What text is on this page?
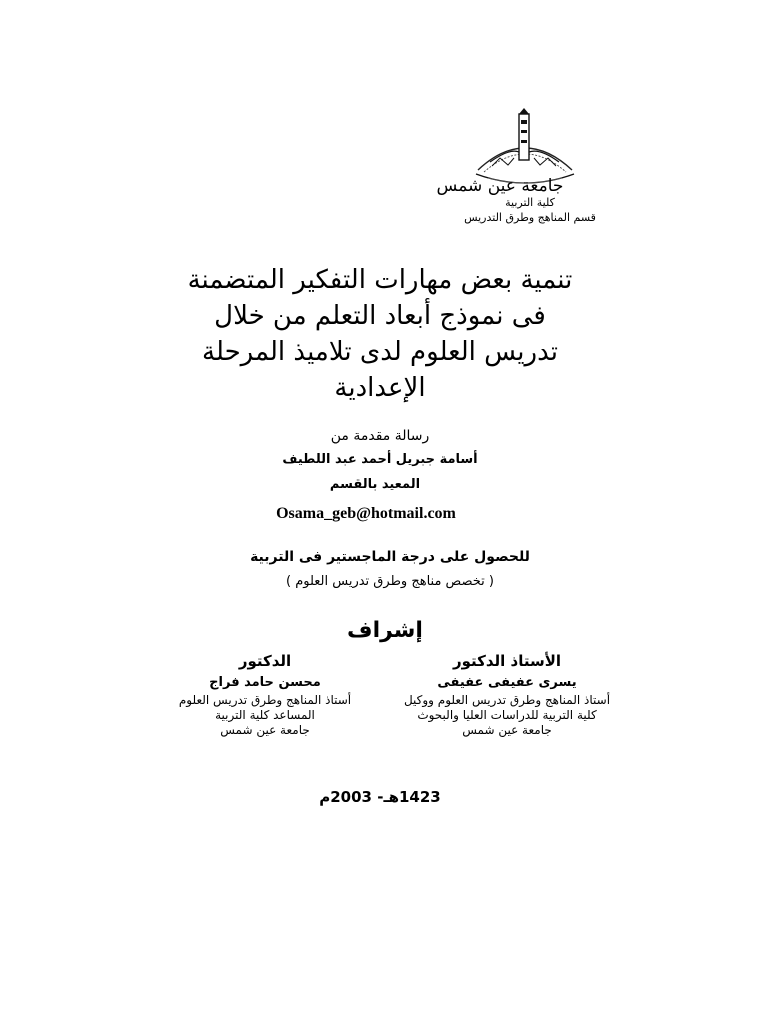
جامعة عين شمس
كلية التربية
قسم المناهج وطرق التدريس
تنمية بعض مهارات التفكير المتضمنة
فى نموذج أبعاد التعلم من خلال
تدريس العلوم لدى تلاميذ المرحلة
الإعدادية
رسالة مقدمة من
أسامة جبريل أحمد عبد اللطيف
المعيد بالقسم
Osama_geb@hotmail.com
للحصول على درجة الماجستير فى التربية
( تخصص مناهج وطرق تدريس العلوم )
إشراف
الأستاذ الدكتور
يسرى عفيفى عفيفى
أستاذ المناهج وطرق تدريس العلوم ووكيل
كلية التربية للدراسات العليا والبحوث
جامعة عين شمس
الدكتور
محسن حامد فراج
أستاذ المناهج وطرق تدريس العلوم
المساعد كلية التربية
جامعة عين شمس
1423هـ- 2003م
